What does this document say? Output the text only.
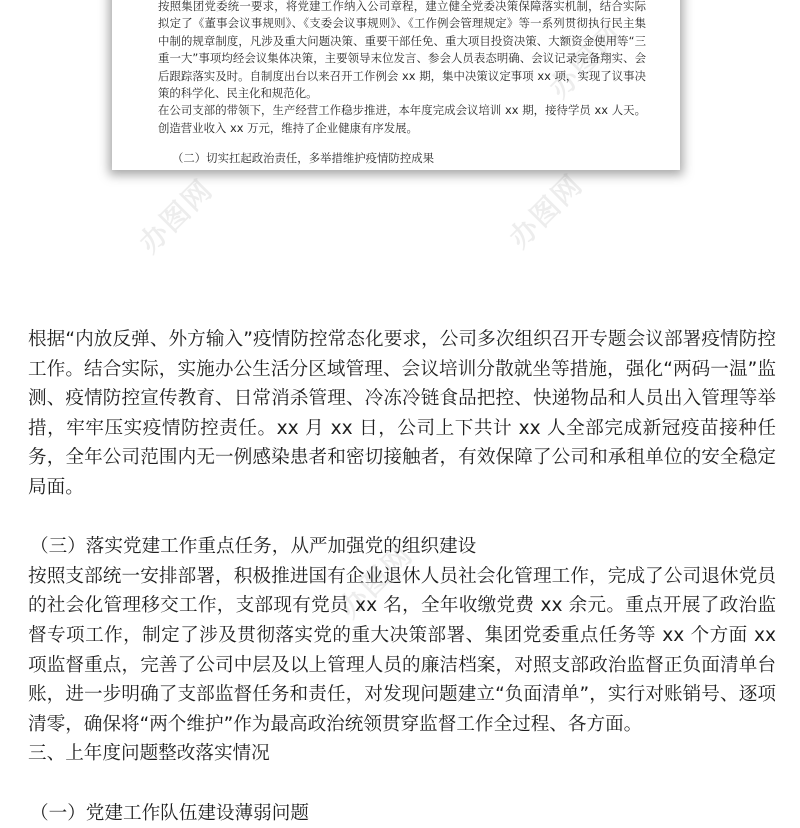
按照集团党委统一要求，将党建工作纳入公司章程，建立健全党委决策保障落实机制，结合实际拟定了《董事会议事规则》、《支委会议事规则》、《工作例会管理规定》等一系列贯彻执行民主集中制的规章制度，凡涉及重大问题决策、重要干部任免、重大项目投资决策、大额资金使用等“三重一大”事项均经会议集体决策，主要领导末位发言、参会人员表态明确、会议记录完备翔实、会后跟踪落实及时。自制度出台以来召开工作例会 xx 期，集中决策议定事项 xx 项，实现了议事决策的科学化、民主化和规范化。

在公司支部的带领下，生产经营工作稳步推进，本年度完成会议培训 xx 期，接待学员 xx 人天。创造营业收入 xx 万元，维持了企业健康有序发展。

（二）切实扛起政治责任，多举措维护疫情防控成果
办图网	办图网
办图网

根据“内放反弹、外方输入”疫情防控常态化要求，公司多次组织召开专题会议部署疫情防控工作。结合实际，实施办公生活分区域管理、会议培训分散就坐等措施，强化“两码一温”监测、疫情防控宣传教育、日常消杀管理、冷冻冷链食品把控、快递物品和人员出入管理等举措，牢牢压实疫情防控责任。xx 月 xx 日，公司上下共计 xx 人全部完成新冠疫苗接种任务，全年公司范围内无一例感染患者和密切接触者，有效保障了公司和承租单位的安全稳定局面。

（三）落实党建工作重点任务，从严加强党的组织建设

按照支部统一安排部署，积极推进国有企业退休人员社会化管理工作，完成了公司退休党员的社会化管理移交工作，支部现有党员 xx 名，全年收缴党费 xx 余元。重点开展了政治监督专项工作，制定了涉及贯彻落实党的重大决策部署、集团党委重点任务等 xx 个方面 xx 项监督重点，完善了公司中层及以上管理人员的廉洁档案，对照支部政治监督正负面清单台账，进一步明确了支部监督任务和责任，对发现问题建立“负面清单”，实行对账销号、逐项清零，确保将“两个维护”作为最高政治统领贯穿监督工作全过程、各方面。

三、上年度问题整改落实情况

（一）党建工作队伍建设薄弱问题
